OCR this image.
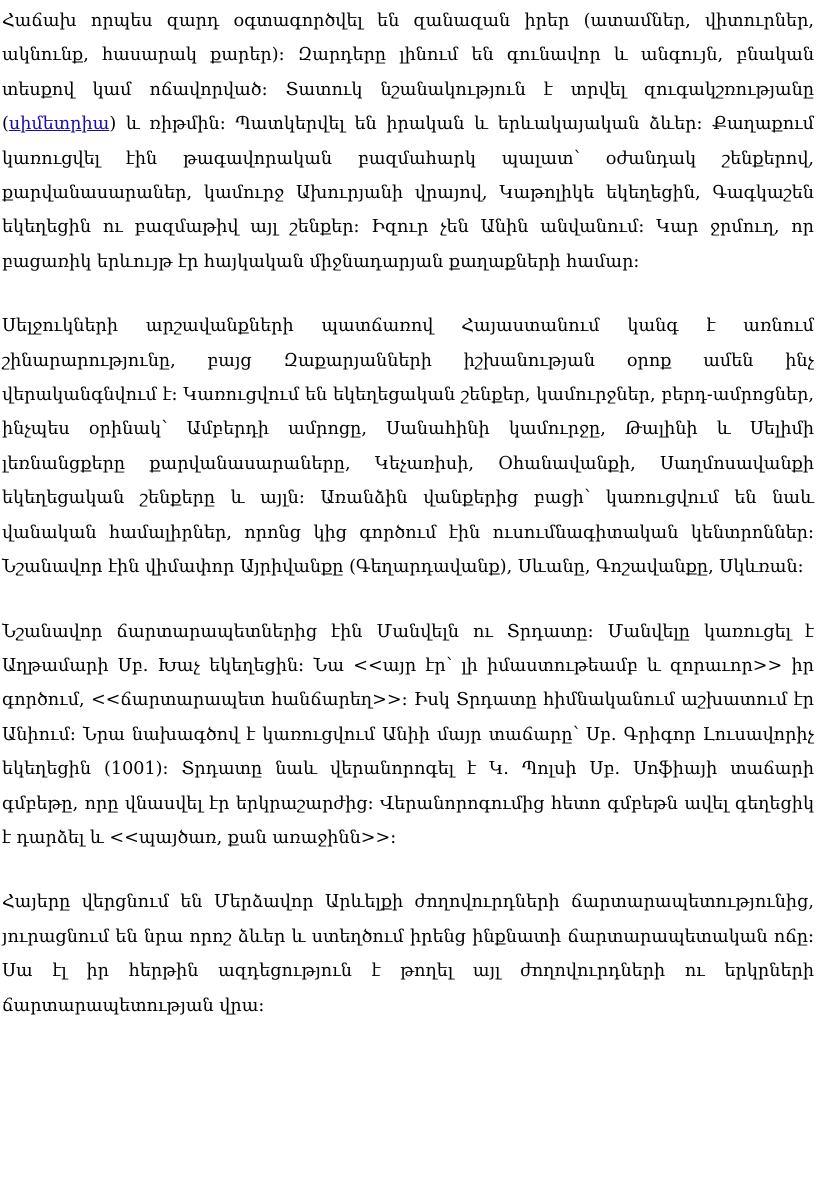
Հաճախ որպես զարդ օգտագործվել են զանազան իրեր (ատամներ, վիտուրներ, ակնունք, հասարակ քարեր)։ Զարդերը լինում են գունավոր և անգույն, բնական տեսքով կամ ոճավորված։ Տատուկ նշանակություն է տրվել զուգակշռությանը (սիմետրիա) և ռիթմին։ Պատկերվել են իրական և երևակայական ձևեր։ Քաղաքում կառուցվել էին թագավորական բազմահարկ պալատ՝ օժանդակ շենքերով, քարվանասարաներ, կամուրջ Ախուրյանի վրայով, Կաթոլիկե եկեղեցին, Գագկաշեն եկեղեցին ու բազմաթիվ այլ շենքեր։ Իզուր չեն Անին անվանում։ Կար ջրմուղ, որ բացառիկ երևույթ էր հայկական միջնադարյան քաղաքների համար։

Սելջուկների արշավանքների պատճառով Հայաստանում կանգ է առնում շինարարությունը, բայց Զաքարյանների իշխանության օրոք ամեն ինչ վերականգնվում է։ Կառուցվում են եկեղեցական շենքեր, կամուրջներ, բերդ-ամրոցներ, ինչպես օրինակ՝ Ամբերդի ամրոցը, Սանաhինի կամուրջը, Թալինի և Սելիմի լեռնանցքերը քարվանասարաները, Կեչառիսի, Օhանավանքի, Սաղմոսավանքի եկեղեցական շենքերը և այլն։ Առանձին վանքերից բացի՝ կառուցվում են նաև վանական համալիրներ, որոնց կից գործում էին ուսումնագիտական կենտրոններ։ Նշանավոր էին վիմափոր Այրիվանքը (Գեղարդավանք), Սևանը, Գոշավանքը, Սկևռան։

Նշանավոր ճարտարապետներից էին Մանվելն ու Տրդատը։ Մանվելը կառուցել է Աղթամարի Սբ. Խաչ եկեղեցին։ Նա <<այր էր՝ լի իմաստութեամբ և զորաւոր>> իր գործում, <<ճարտարապետ հանճարեղ>>։ Իսկ Տրդատը հիմնականում աշխատում էր Անիում։ Նրա նախագծով է կառուցվում Անիի մայր տաճարը՝ Սբ. Գրիգոր Լուսավորիչ եկեղեցին (1001)։ Տրդատը նաև վերանորոգել է Կ. Պոլսի Սբ. Սոֆիայի տաճարի գմբեթը, որը վնասվել էր երկրաշարժից։ Վերանորոգումից հետո գմբեթն ավել գեղեցիկ է դարձել և <<պայծառ, քան առաջինն>>։

Հայերը վերցնում են Մերձավոր Արևելքի ժողովուրդների ճարտարապետությունից, յուրացնում են նրա որոշ ձևեր և ստեղծում իրենց ինքնատի ճարտարապետական ոճը։ Սա էլ իր հերթին ազդեցություն է թողել այլ ժողովուրդների ու երկրների ճարտարապետության վրա։
